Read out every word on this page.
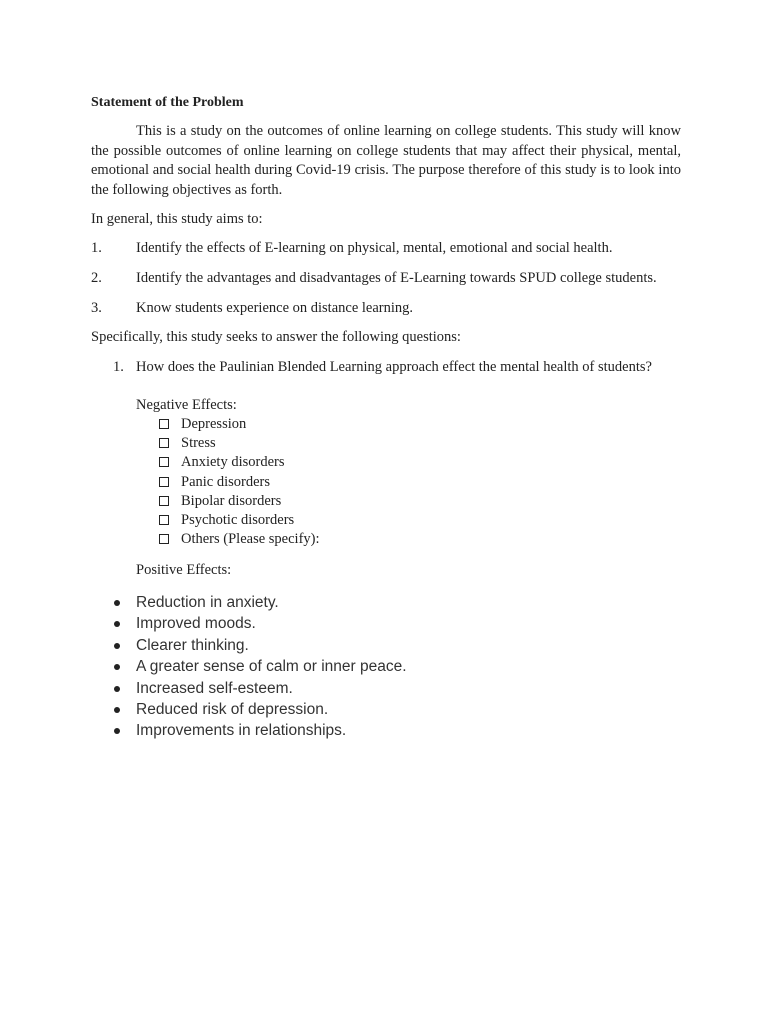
Statement of the Problem

This is a study on the outcomes of online learning on college students. This study will know the possible outcomes of online learning on college students that may affect their physical, mental, emotional and social health during Covid-19 crisis. The purpose therefore of this study is to look into the following objectives as forth.

In general, this study aims to:
1. Identify the effects of E-learning on physical, mental, emotional and social health.
2. Identify the advantages and disadvantages of E-Learning towards SPUD college students.
3. Know students experience on distance learning.
Specifically, this study seeks to answer the following questions:
1. How does the Paulinian Blended Learning approach effect the mental health of students?
Negative Effects:
Depression
Stress
Anxiety disorders
Panic disorders
Bipolar disorders
Psychotic disorders
Others (Please specify):
Positive Effects:
Reduction in anxiety.
Improved moods.
Clearer thinking.
A greater sense of calm or inner peace.
Increased self-esteem.
Reduced risk of depression.
Improvements in relationships.
